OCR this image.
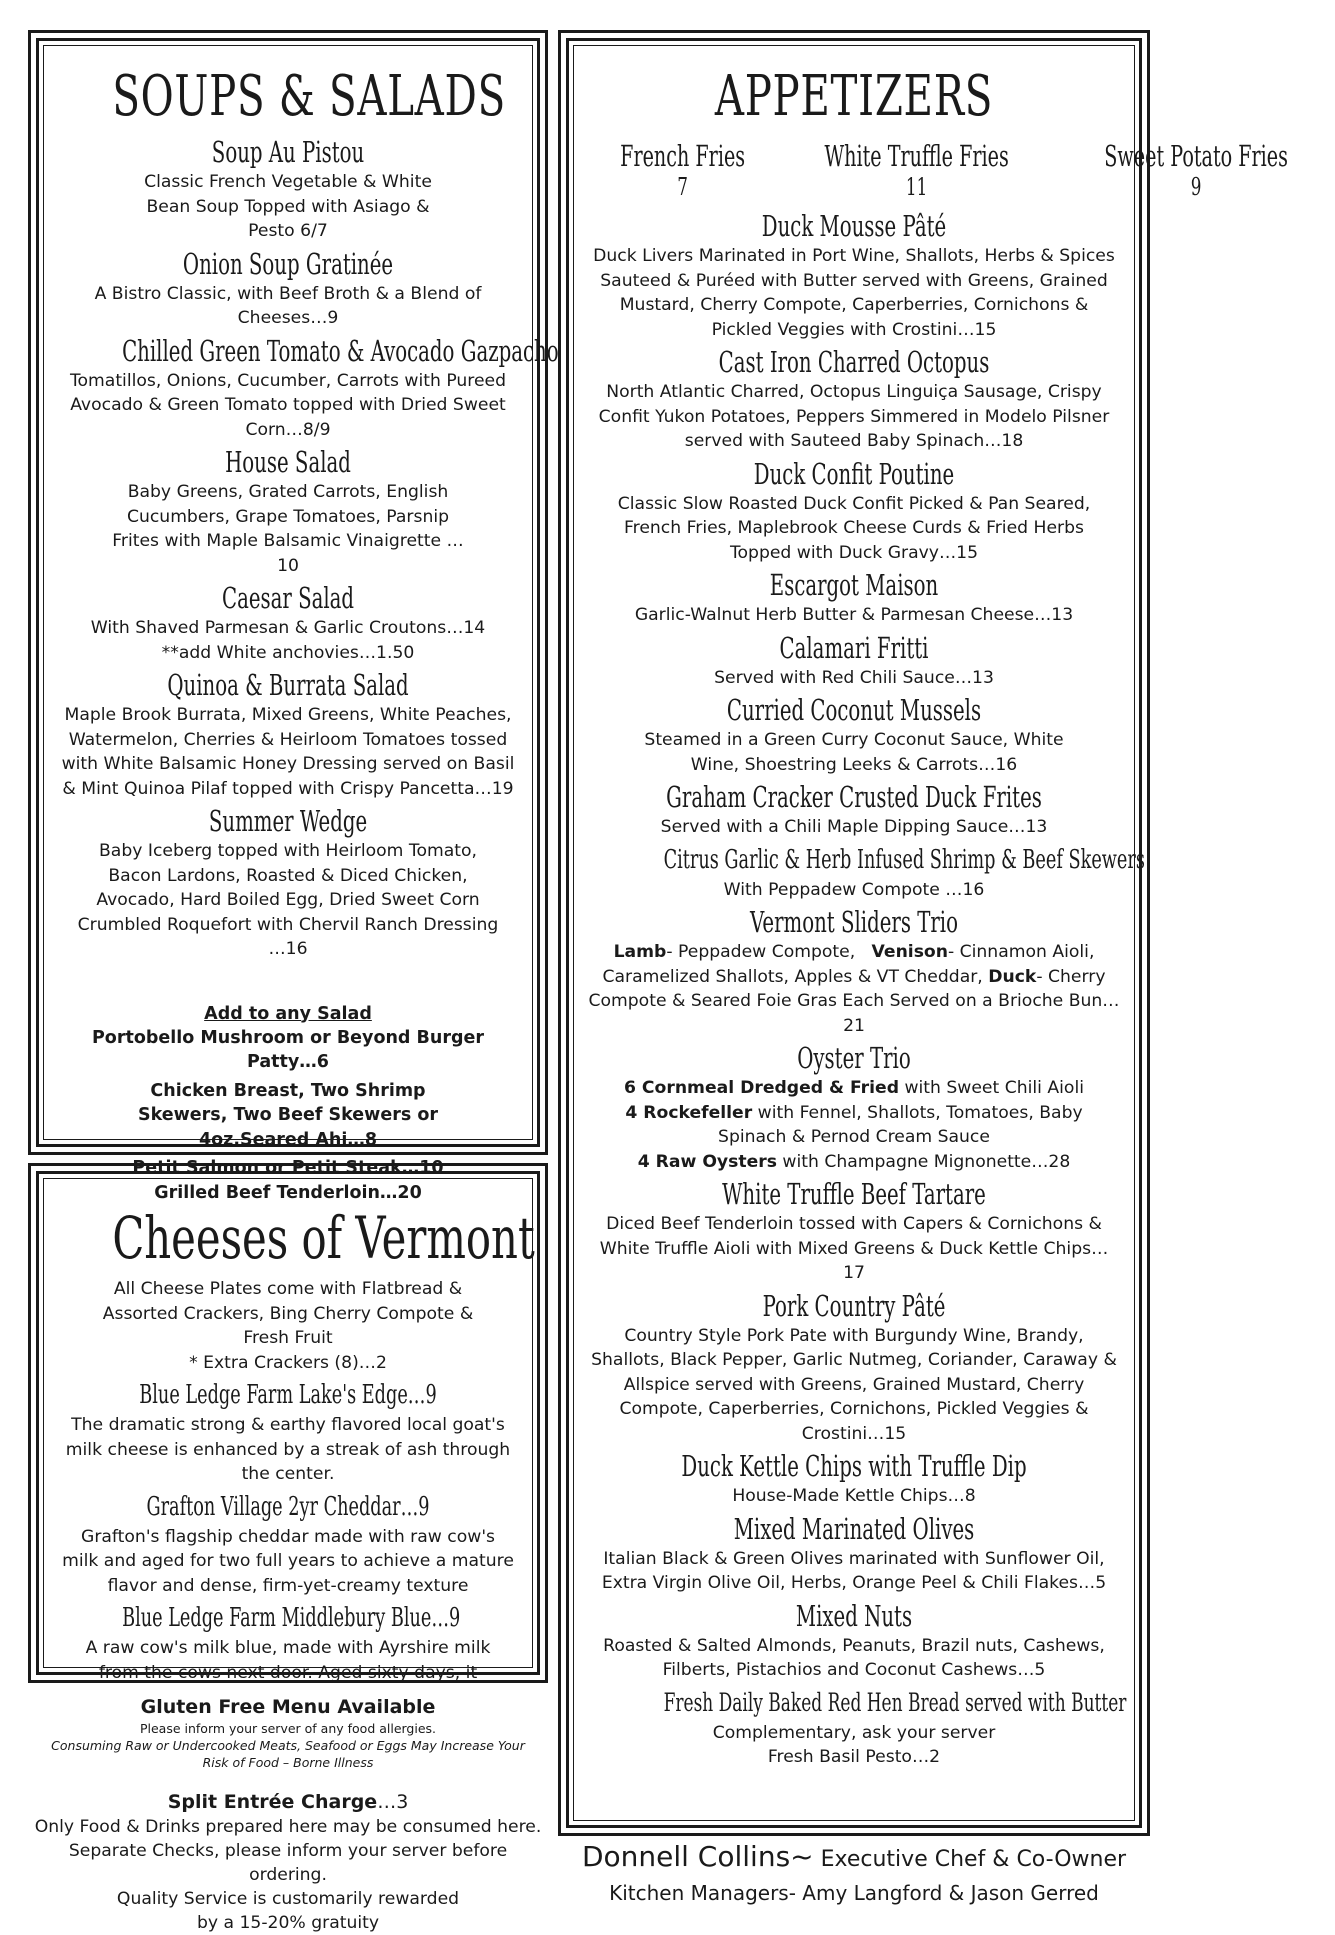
SOUPS & SALADS
Soup Au Pistou
Classic French Vegetable & White Bean Soup Topped with Asiago & Pesto 6/7
Onion Soup Gratinée
A Bistro Classic, with Beef Broth & a Blend of Cheeses…9
Chilled Green Tomato & Avocado Gazpacho
Tomatillos, Onions, Cucumber, Carrots with Pureed Avocado & Green Tomato topped with Dried Sweet Corn…8/9
House Salad
Baby Greens, Grated Carrots, English Cucumbers, Grape Tomatoes, Parsnip Frites with Maple Balsamic Vinaigrette …10
Caesar Salad
With Shaved Parmesan & Garlic Croutons…14
**add White anchovies…1.50
Quinoa & Burrata Salad
Maple Brook Burrata, Mixed Greens, White Peaches, Watermelon, Cherries & Heirloom Tomatoes tossed with White Balsamic Honey Dressing served on Basil & Mint Quinoa Pilaf topped with Crispy Pancetta…19
Summer Wedge
Baby Iceberg topped with Heirloom Tomato, Bacon Lardons, Roasted & Diced Chicken, Avocado, Hard Boiled Egg, Dried Sweet Corn Crumbled Roquefort with Chervil Ranch Dressing …16
Add to any Salad
Portobello Mushroom or Beyond Burger Patty…6
Chicken Breast, Two Shrimp Skewers, Two Beef Skewers or 4oz.Seared Ahi…8
Petit Salmon or Petit Steak…10
Grilled Beef Tenderloin…20
Cheeses of Vermont
All Cheese Plates come with Flatbread & Assorted Crackers, Bing Cherry Compote & Fresh Fruit
* Extra Crackers (8)…2
Blue Ledge Farm Lake's Edge…9
The dramatic strong & earthy flavored local goat's milk cheese is enhanced by a streak of ash through the center.
Grafton Village 2yr Cheddar…9
Grafton's flagship cheddar made with raw cow's milk and aged for two full years to achieve a mature flavor and dense, firm-yet-creamy texture
Blue Ledge Farm Middlebury Blue…9
A raw cow's milk blue, made with Ayrshire milk from the cows next door. Aged sixty days, it
APPETIZERS
French Fries
7
White Truffle Fries
11
Sweet Potato Fries
9
Duck Mousse Pâté
Duck Livers Marinated in Port Wine, Shallots, Herbs & Spices Sauteed & Puréed with Butter served with Greens, Grained Mustard, Cherry Compote, Caperberries, Cornichons & Pickled Veggies with Crostini…15
Cast Iron Charred Octopus
North Atlantic Charred, Octopus Linguiça Sausage, Crispy Confit Yukon Potatoes, Peppers Simmered in Modelo Pilsner served with Sauteed Baby Spinach…18
Duck Confit Poutine
Classic Slow Roasted Duck Confit Picked & Pan Seared, French Fries, Maplebrook Cheese Curds & Fried Herbs Topped with Duck Gravy…15
Escargot Maison
Garlic-Walnut Herb Butter & Parmesan Cheese…13
Calamari Fritti
Served with Red Chili Sauce…13
Curried Coconut Mussels
Steamed in a Green Curry Coconut Sauce, White Wine, Shoestring Leeks & Carrots…16
Graham Cracker Crusted Duck Frites
Served with a Chili Maple Dipping Sauce…13
Citrus Garlic & Herb Infused Shrimp & Beef Skewers
With Peppadew Compote …16
Vermont Sliders Trio
Lamb- Peppadew Compote, Venison- Cinnamon Aioli, Caramelized Shallots, Apples & VT Cheddar, Duck- Cherry Compote & Seared Foie Gras Each Served on a Brioche Bun…21
Oyster Trio
6 Cornmeal Dredged & Fried with Sweet Chili Aioli
4 Rockefeller with Fennel, Shallots, Tomatoes, Baby Spinach & Pernod Cream Sauce
4 Raw Oysters with Champagne Mignonette…28
White Truffle Beef Tartare
Diced Beef Tenderloin tossed with Capers & Cornichons & White Truffle Aioli with Mixed Greens & Duck Kettle Chips…17
Pork Country Pâté
Country Style Pork Pate with Burgundy Wine, Brandy, Shallots, Black Pepper, Garlic Nutmeg, Coriander, Caraway & Allspice served with Greens, Grained Mustard, Cherry Compote, Caperberries, Cornichons, Pickled Veggies & Crostini…15
Duck Kettle Chips with Truffle Dip
House-Made Kettle Chips…8
Mixed Marinated Olives
Italian Black & Green Olives marinated with Sunflower Oil, Extra Virgin Olive Oil, Herbs, Orange Peel & Chili Flakes…5
Mixed Nuts
Roasted & Salted Almonds, Peanuts, Brazil nuts, Cashews, Filberts, Pistachios and Coconut Cashews…5
Fresh Daily Baked Red Hen Bread served with Butter
Complementary, ask your server
Fresh Basil Pesto…2
Gluten Free Menu Available
Please inform your server of any food allergies.
Consuming Raw or Undercooked Meats, Seafood or Eggs May Increase Your Risk of Food – Borne Illness
Split Entrée Charge…3
Only Food & Drinks prepared here may be consumed here.
Separate Checks, please inform your server before ordering.
Quality Service is customarily rewarded
by a 15-20% gratuity
Donnell Collins~ Executive Chef & Co-Owner
Kitchen Managers- Amy Langford & Jason Gerred
